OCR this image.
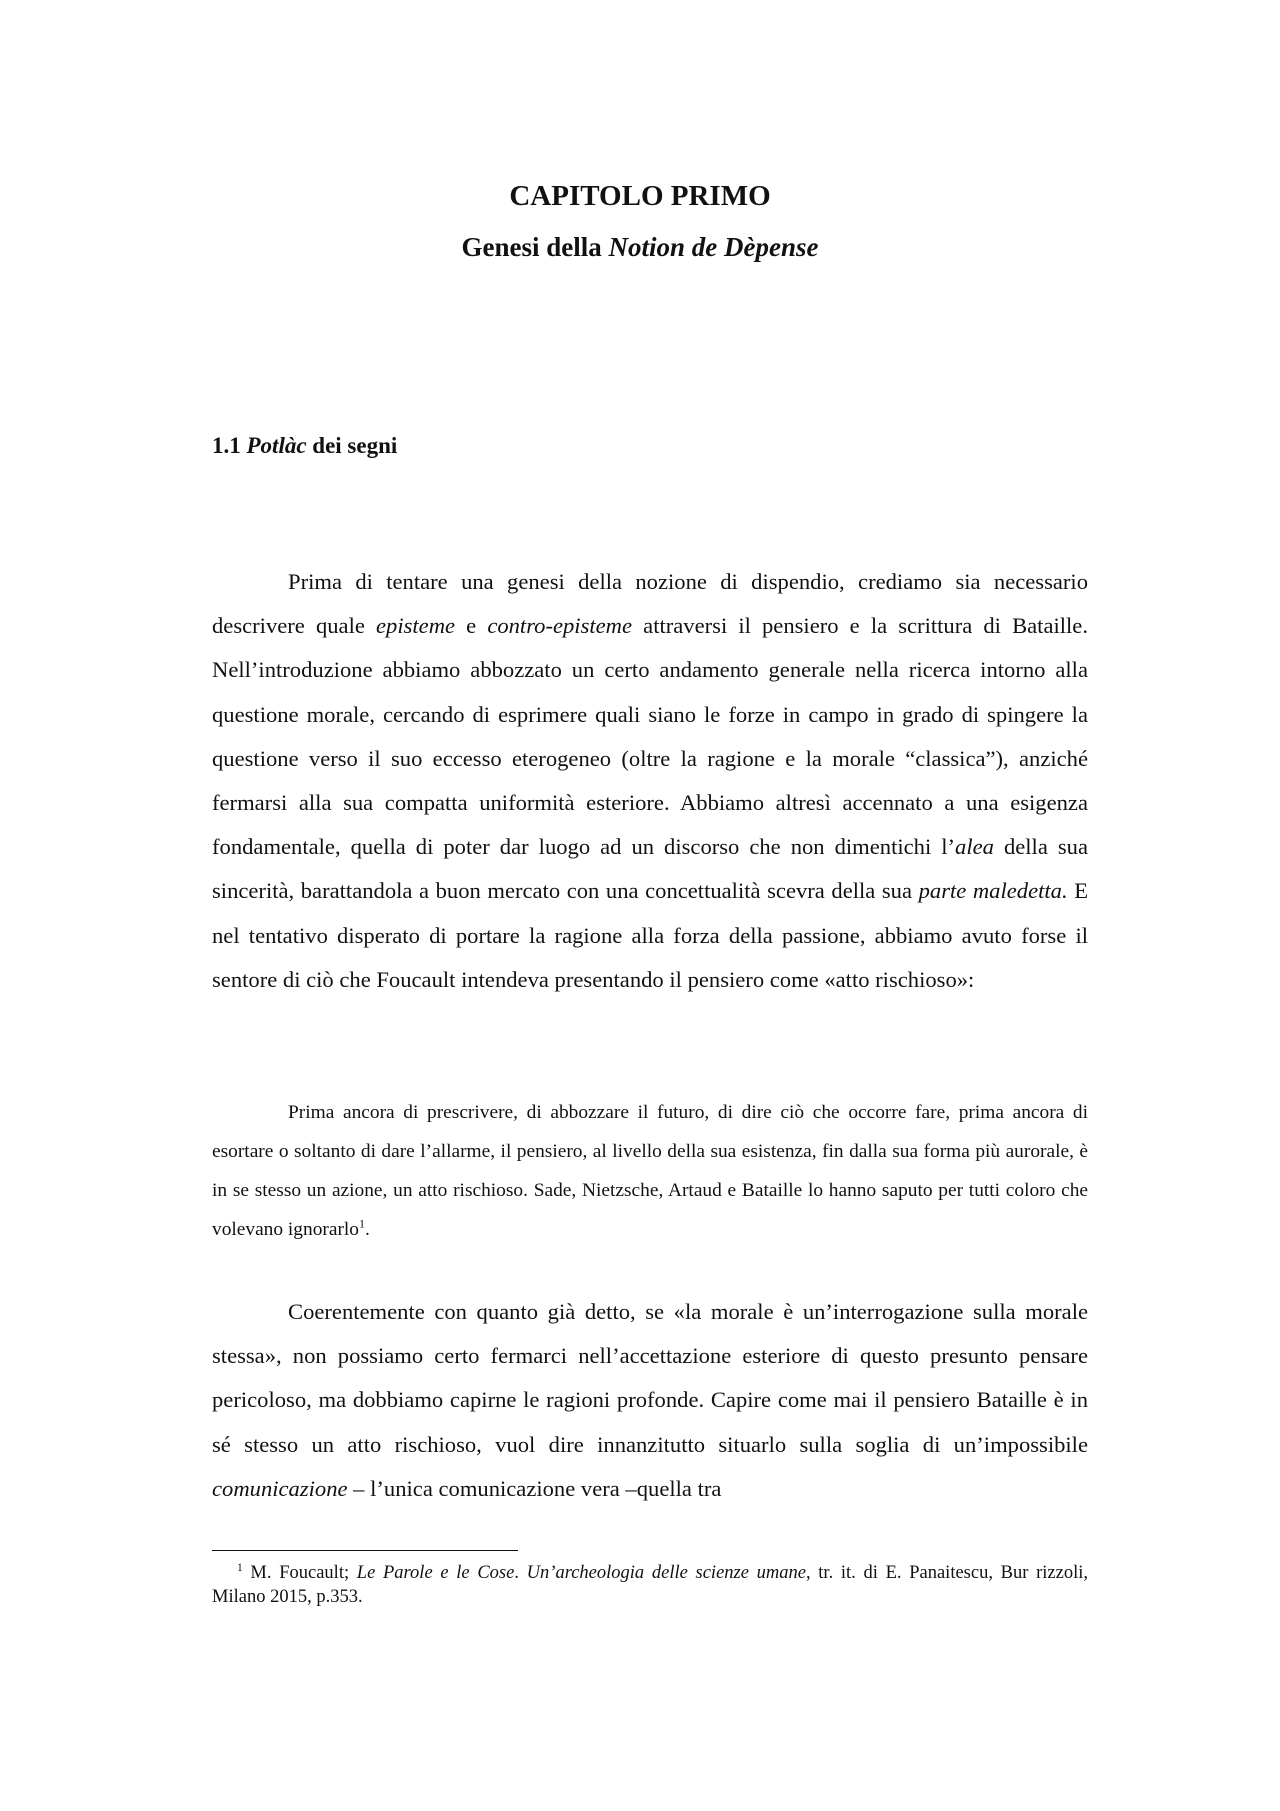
CAPITOLO PRIMO
Genesi della Notion de Dèpense
1.1 Potlàc dei segni

Prima di tentare una genesi della nozione di dispendio, crediamo sia necessario descrivere quale episteme e contro-episteme attraversi il pensiero e la scrittura di Bataille. Nell’introduzione abbiamo abbozzato un certo andamento generale nella ricerca intorno alla questione morale, cercando di esprimere quali siano le forze in campo in grado di spingere la questione verso il suo eccesso eterogeneo (oltre la ragione e la morale “classica”), anziché fermarsi alla sua compatta uniformità esteriore. Abbiamo altresì accennato a una esigenza fondamentale, quella di poter dar luogo ad un discorso che non dimentichi l’alea della sua sincerità, barattandola a buon mercato con una concettualità scevra della sua parte maledetta. E nel tentativo disperato di portare la ragione alla forza della passione, abbiamo avuto forse il sentore di ciò che Foucault intendeva presentando il pensiero come «atto rischioso»:

Prima ancora di prescrivere, di abbozzare il futuro, di dire ciò che occorre fare, prima ancora di esortare o soltanto di dare l’allarme, il pensiero, al livello della sua esistenza, fin dalla sua forma più aurorale, è in se stesso un azione, un atto rischioso. Sade, Nietzsche, Artaud e Bataille lo hanno saputo per tutti coloro che volevano ignorarlo$^1$.

Coerentemente con quanto già detto, se «la morale è un’interrogazione sulla morale stessa», non possiamo certo fermarci nell’accettazione esteriore di questo presunto pensare pericoloso, ma dobbiamo capirne le ragioni profonde. Capire come mai il pensiero Bataille è in sé stesso un atto rischioso, vuol dire innanzitutto situarlo sulla soglia di un’impossibile comunicazione – l’unica comunicazione vera –quella tra

$^1$ M. Foucault; Le Parole e le Cose. Un’archeologia delle scienze umane, tr. it. di E. Panaitescu, Bur rizzoli, Milano 2015, p.353.
